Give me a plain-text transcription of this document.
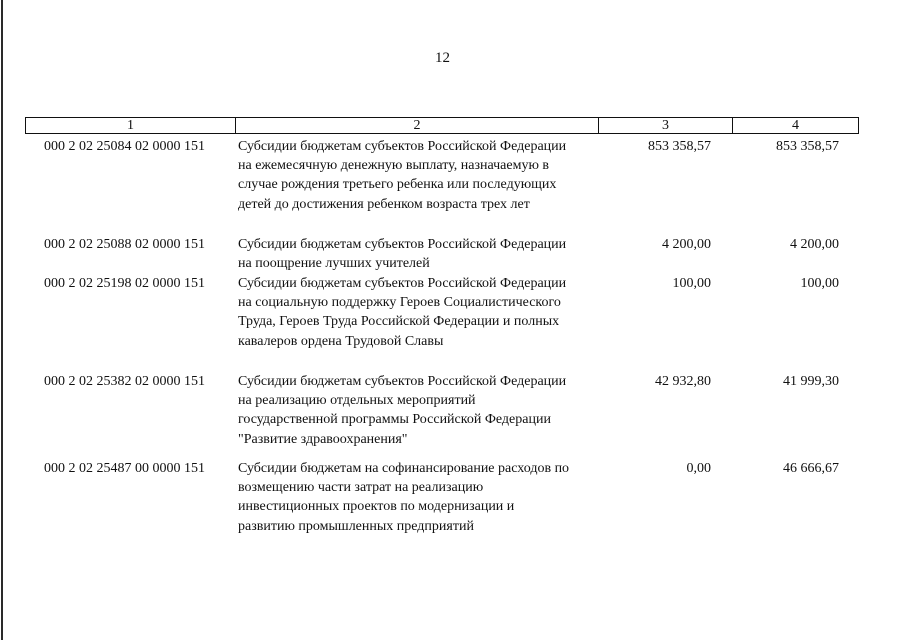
12
1	2	3	4
000 2 02 25084 02 0000 151 Субсидии бюджетам субъектов Российской Федерации
на ежемесячную денежную выплату, назначаемую в
случае рождения третьего ребенка или последующих
детей до достижения ребенком возраста трех лет
853 358,57	853 358,57
000 2 02 25088 02 0000 151 Субсидии бюджетам субъектов Российской Федерации
на поощрение лучших учителей
4 200,00	4 200,00
000 2 02 25198 02 0000 151 Субсидии бюджетам субъектов Российской Федерации
на социальную поддержку Героев Социалистического
Труда, Героев Труда Российской Федерации и полных
кавалеров ордена Трудовой Славы
100,00	100,00
000 2 02 25382 02 0000 151 Субсидии бюджетам субъектов Российской Федерации
на реализацию отдельных мероприятий
государственной программы Российской Федерации
"Развитие здравоохранения"
42 932,80	41 999,30
000 2 02 25487 00 0000 151 Субсидии бюджетам на софинансирование расходов по
возмещению части затрат на реализацию
инвестиционных проектов по модернизации и
развитию промышленных предприятий
0,00	46 666,67
